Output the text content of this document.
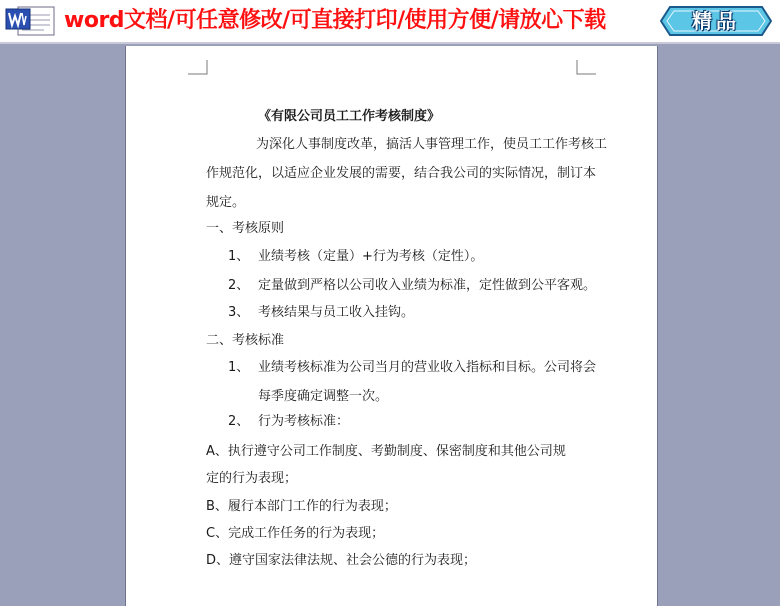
word文档/可任意修改/可直接打印/使用方便/请放心下载	精品
《有限公司员工工作考核制度》
为深化人事制度改革，搞活人事管理工作，使员工工作考核工
作规范化，以适应企业发展的需要，结合我公司的实际情况，制订本
规定。
一、考核原则
1、 业绩考核（定量）+行为考核（定性）。
2、 定量做到严格以公司收入业绩为标准，定性做到公平客观。
3、 考核结果与员工收入挂钩。
二、考核标准
1、 业绩考核标准为公司当月的营业收入指标和目标。公司将会
每季度确定调整一次。
2、 行为考核标准：
A、执行遵守公司工作制度、考勤制度、保密制度和其他公司规
定的行为表现；
B、履行本部门工作的行为表现；
C、完成工作任务的行为表现；
D、遵守国家法律法规、社会公德的行为表现；
